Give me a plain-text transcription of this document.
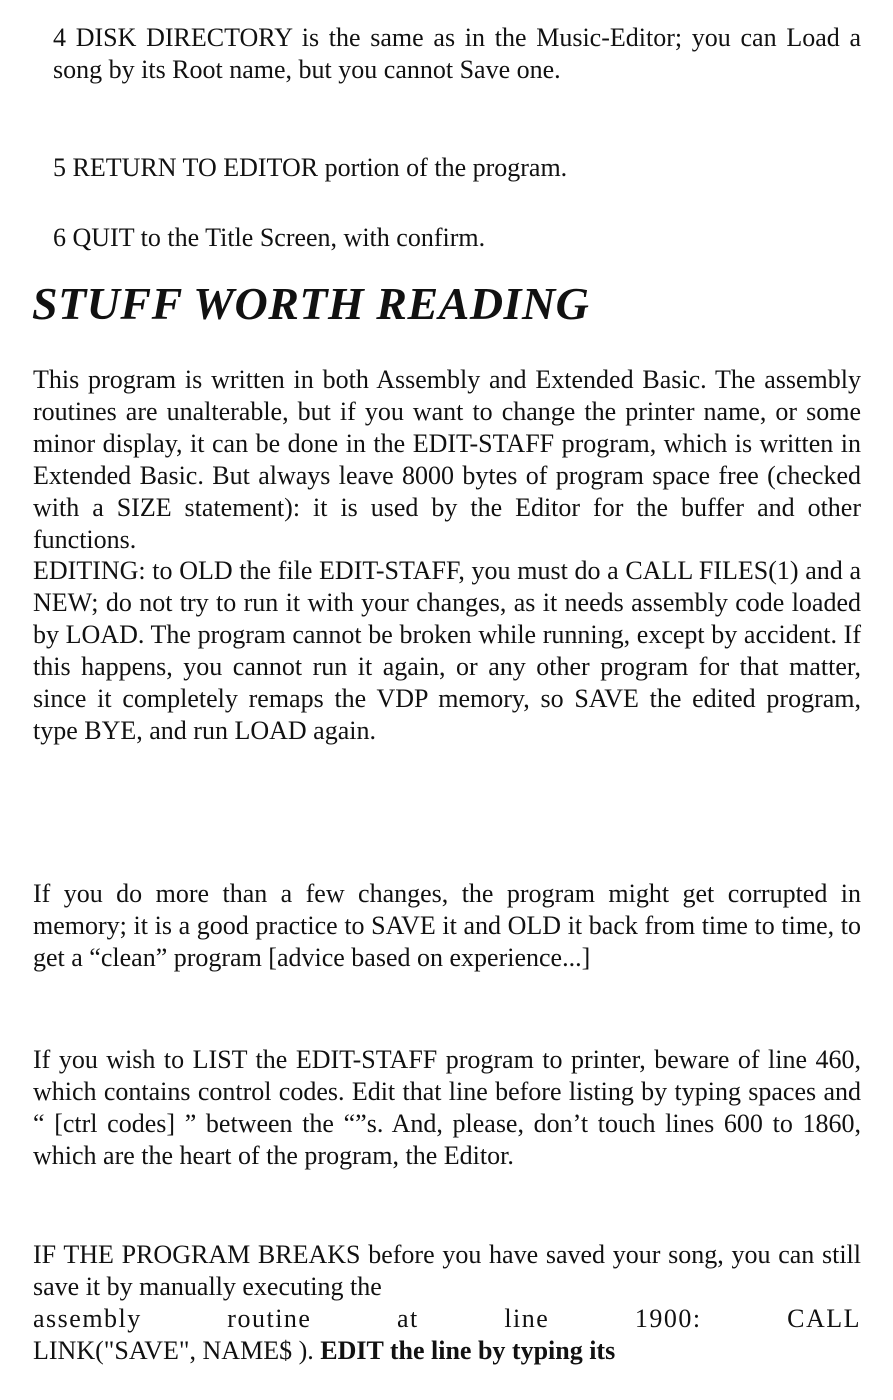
4 DISK DIRECTORY is the same as in the Music-Editor; you can Load a song by its Root name, but you cannot Save one.

5 RETURN TO EDITOR portion of the program.

6 QUIT to the Title Screen, with confirm.

STUFF WORTH READING

This program is written in both Assembly and Extended Basic. The assembly routines are unalterable, but if you want to change the printer name, or some minor display, it can be done in the EDIT-STAFF program, which is written in Extended Basic. But always leave 8000 bytes of program space free (checked with a SIZE statement): it is used by the Editor for the buffer and other functions.

EDITING: to OLD the file EDIT-STAFF, you must do a CALL FILES(1) and a NEW; do not try to run it with your changes, as it needs assembly code loaded by LOAD. The program cannot be broken while running, except by accident. If this happens, you cannot run it again, or any other program for that matter, since it completely remaps the VDP memory, so SAVE the edited program, type BYE, and run LOAD again.

If you do more than a few changes, the program might get corrupted in memory; it is a good practice to SAVE it and OLD it back from time to time, to get a “clean” program [advice based on experience...]

If you wish to LIST the EDIT-STAFF program to printer, beware of line 460, which contains control codes. Edit that line before listing by typing spaces and “ [ctrl codes] ” between the “”s. And, please, don’t touch lines 600 to 1860, which are the heart of the program, the Editor.

IF THE PROGRAM BREAKS before you have saved your song, you can still save it by manually executing the

assembly routine at line 1900: CALL

LINK("SAVE", NAME$ ). EDIT the line by typing its
